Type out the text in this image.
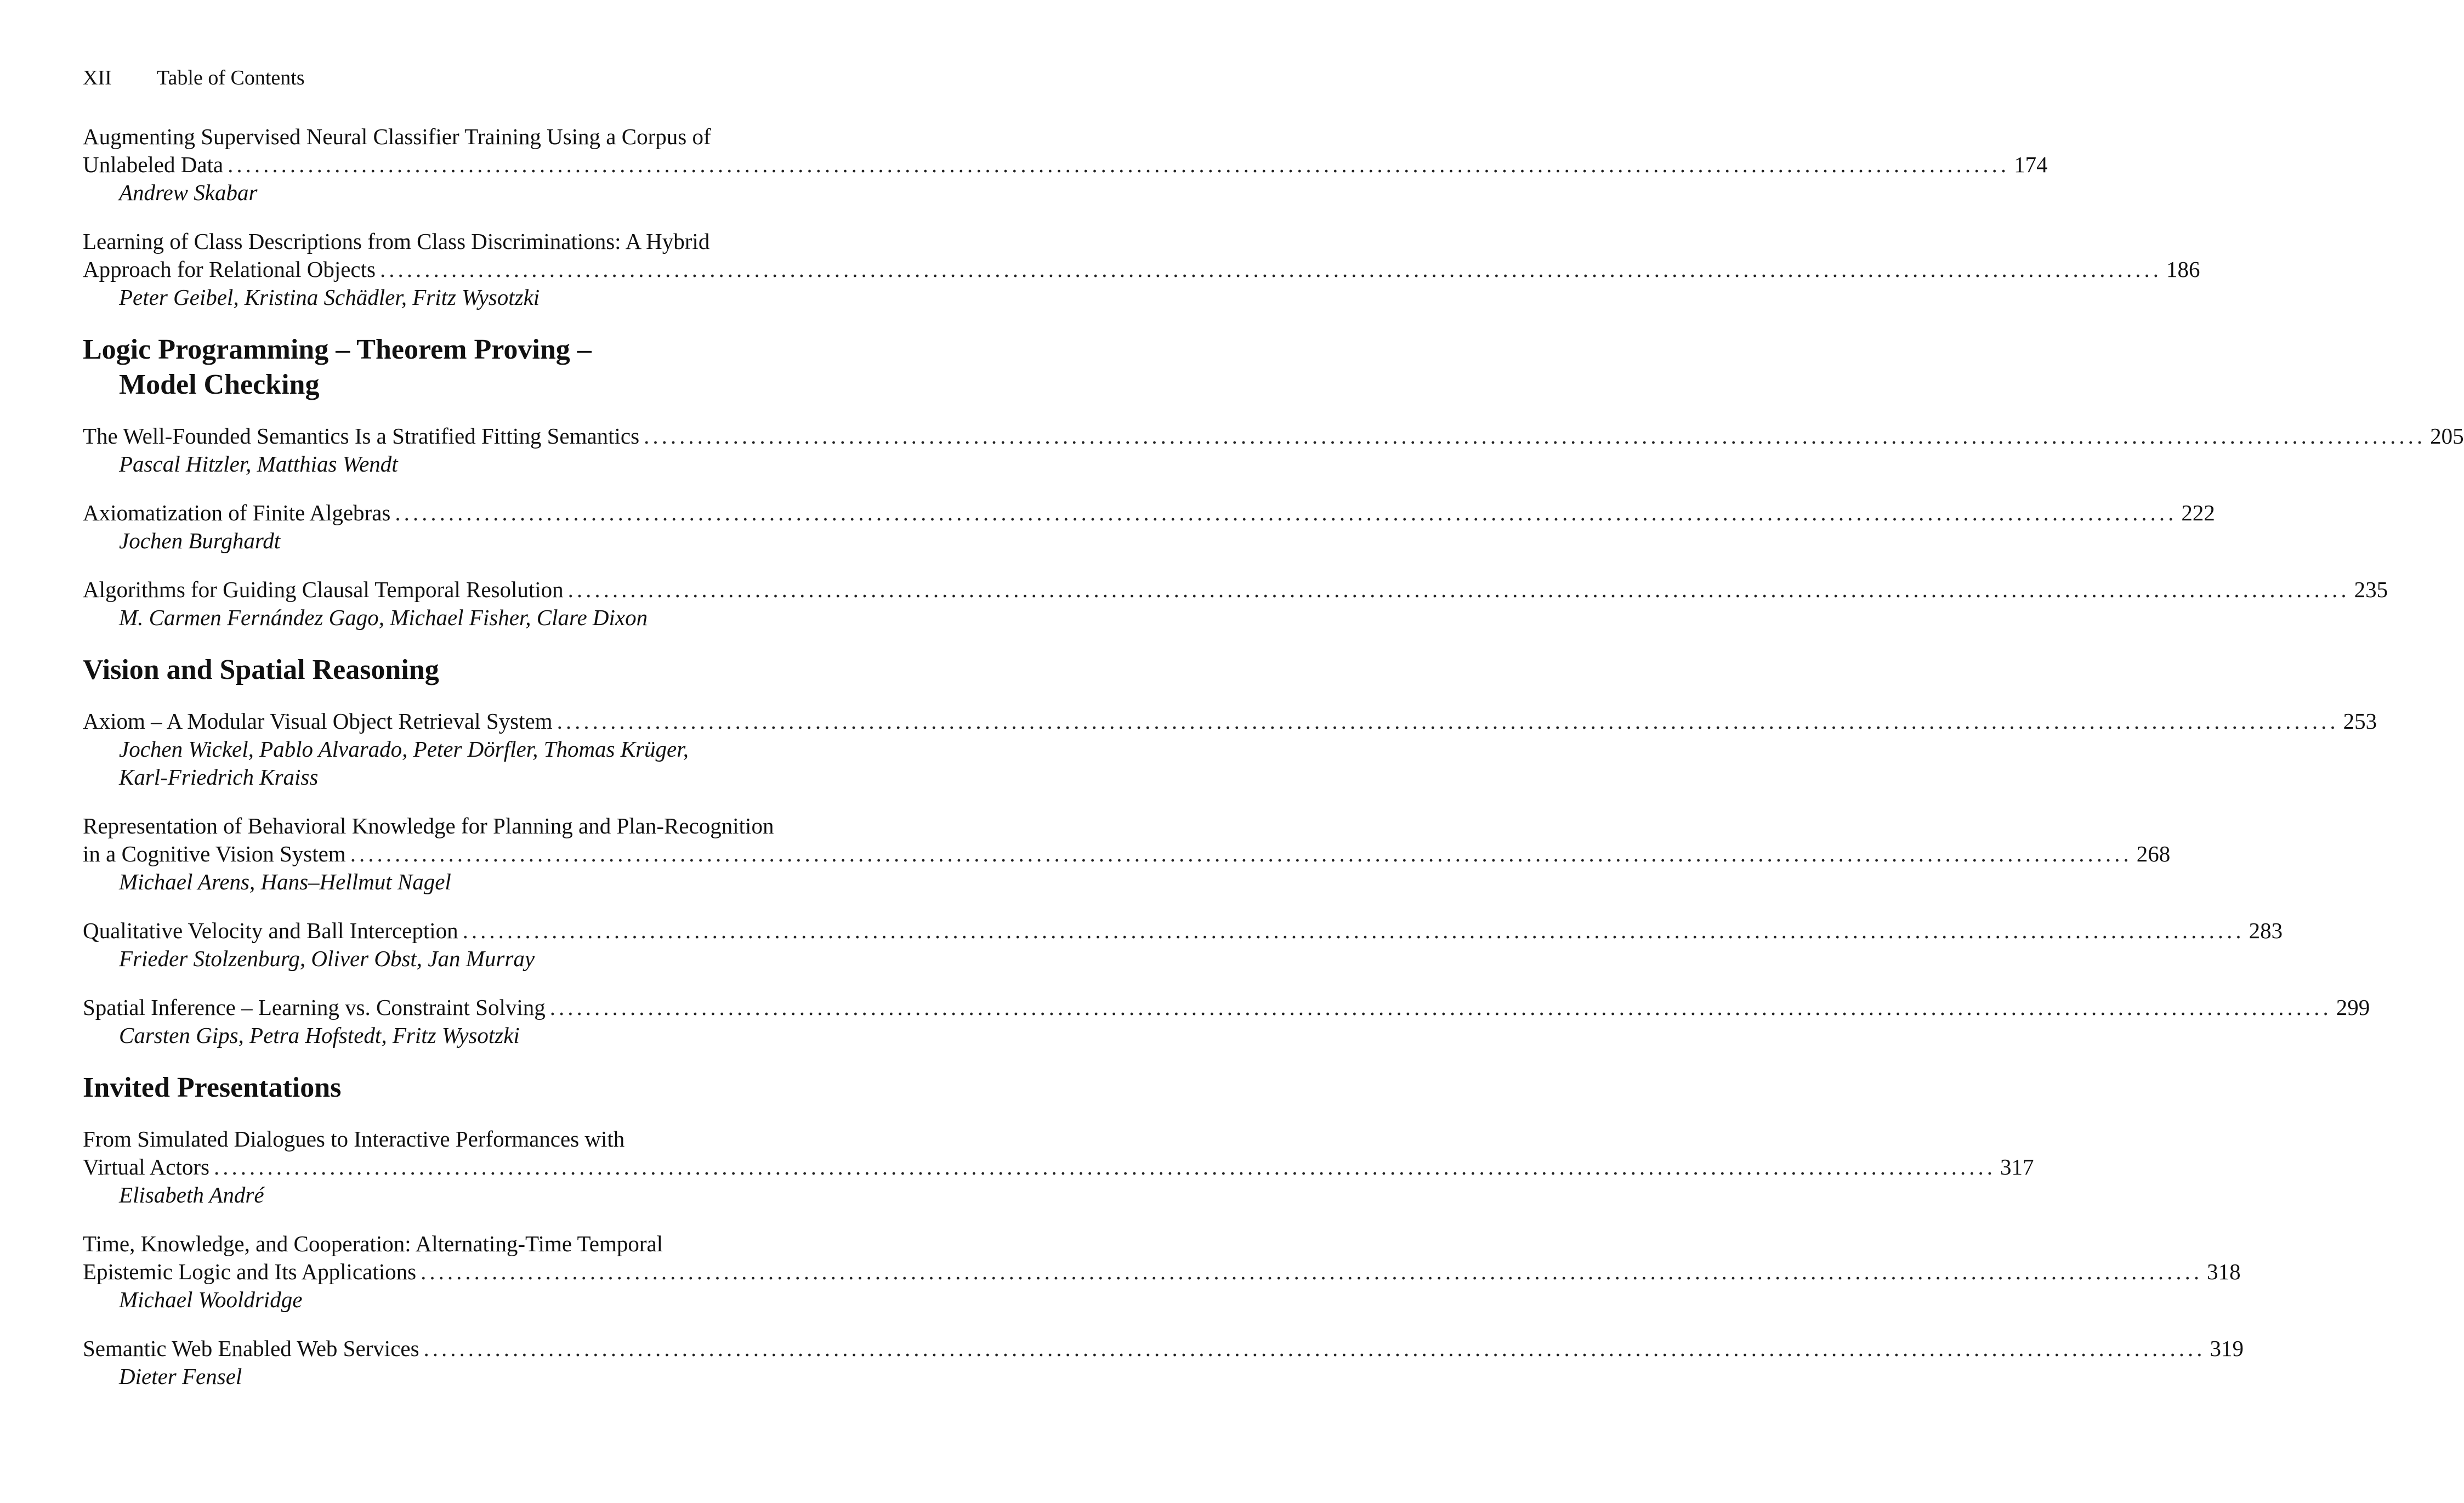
XII	Table of Contents
Augmenting Supervised Neural Classifier Training Using a Corpus of
Unlabeled Data ........................................................................................................................................................................................................ 174
Andrew Skabar
Learning of Class Descriptions from Class Discriminations: A Hybrid
Approach for Relational Objects ........................................................................................................................................................................................................ 186
Peter Geibel, Kristina Schädler, Fritz Wysotzki
Logic Programming – Theorem Proving –
Model Checking
The Well-Founded Semantics Is a Stratified Fitting Semantics ........................................................................................................................................................................................................ 205
Pascal Hitzler, Matthias Wendt
Axiomatization of Finite Algebras ........................................................................................................................................................................................................ 222
Jochen Burghardt
Algorithms for Guiding Clausal Temporal Resolution ........................................................................................................................................................................................................ 235
M. Carmen Fernández Gago, Michael Fisher, Clare Dixon
Vision and Spatial Reasoning
Axiom – A Modular Visual Object Retrieval System ........................................................................................................................................................................................................ 253
Jochen Wickel, Pablo Alvarado, Peter Dörfler, Thomas Krüger,
Karl-Friedrich Kraiss
Representation of Behavioral Knowledge for Planning and Plan-Recognition
in a Cognitive Vision System ........................................................................................................................................................................................................ 268
Michael Arens, Hans–Hellmut Nagel
Qualitative Velocity and Ball Interception ........................................................................................................................................................................................................ 283
Frieder Stolzenburg, Oliver Obst, Jan Murray
Spatial Inference – Learning vs. Constraint Solving ........................................................................................................................................................................................................ 299
Carsten Gips, Petra Hofstedt, Fritz Wysotzki
Invited Presentations
From Simulated Dialogues to Interactive Performances with
Virtual Actors ........................................................................................................................................................................................................ 317
Elisabeth André
Time, Knowledge, and Cooperation: Alternating-Time Temporal
Epistemic Logic and Its Applications ........................................................................................................................................................................................................ 318
Michael Wooldridge
Semantic Web Enabled Web Services ........................................................................................................................................................................................................ 319
Dieter Fensel
